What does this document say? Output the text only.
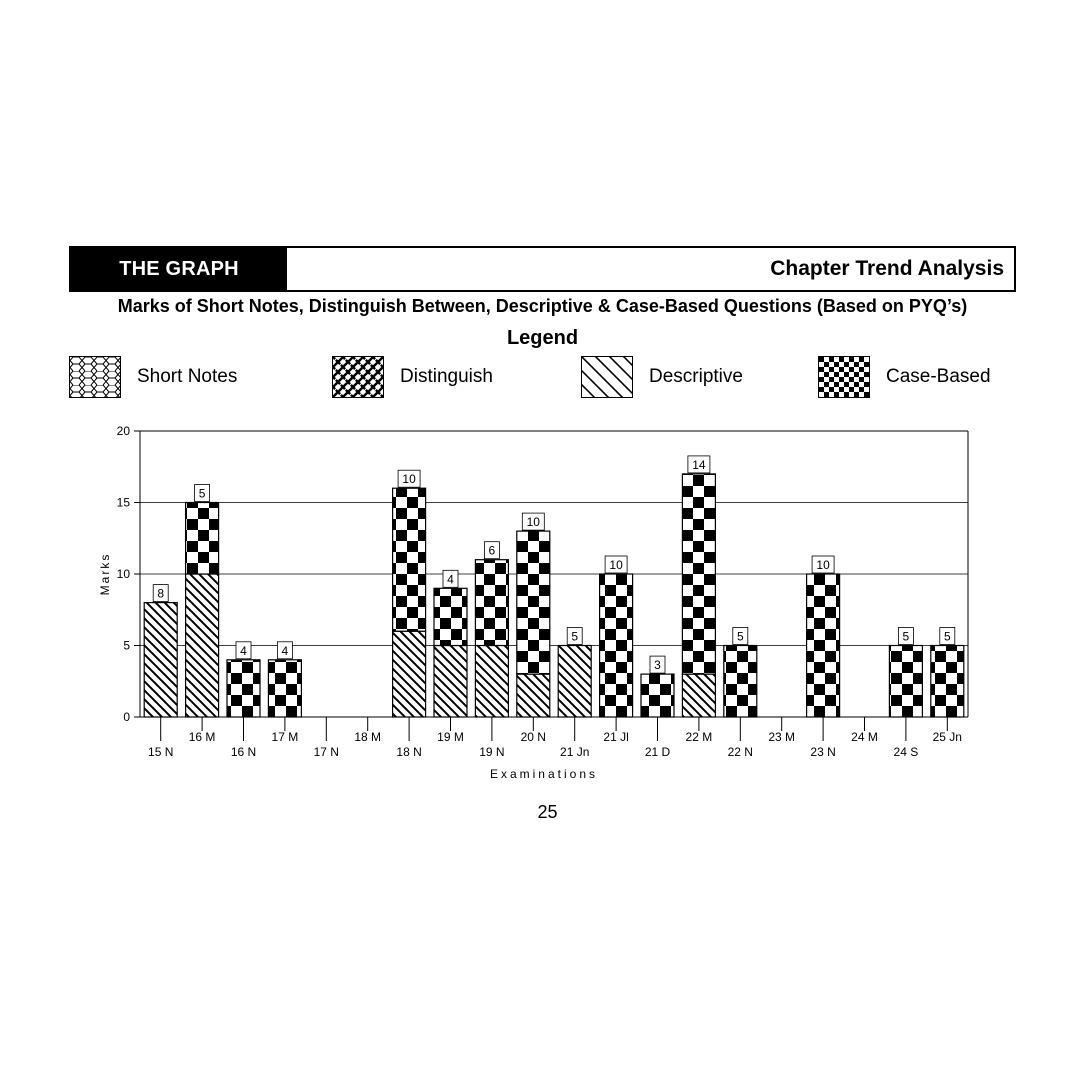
THE GRAPH	Chapter Trend Analysis
Marks of Short Notes, Distinguish Between, Descriptive & Case-Based Questions (Based on PYQ’s)
Legend
Short Notes	Distinguish	Descriptive	Case-Based
0
5
10
15
20
Marks
15 N
16 M
16 N
17 M
17 N
18 M
18 N
19 M
19 N
20 N
21 Jn
21 Jl
21 D
22 M
22 N
23 M
23 N
24 M
24 S
25 Jn
Examinations
8
5
4	4
10
4
6
10
5
10
3
14
5
10
5	5
25
